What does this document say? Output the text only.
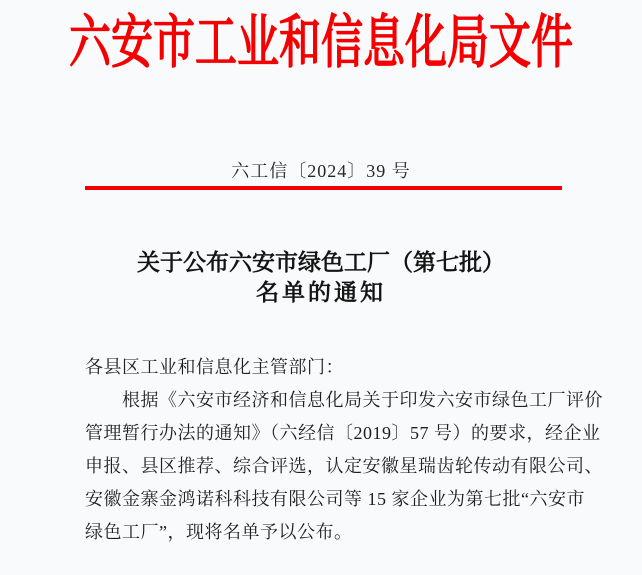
六安市工业和信息化局文件
六工信〔2024〕39 号
关于公布六安市绿色工厂（第七批）
名单的通知
各县区工业和信息化主管部门：
　　根据《六安市经济和信息化局关于印发六安市绿色工厂评价
管理暂行办法的通知》（六经信〔2019〕57 号）的要求，经企业
申报、县区推荐、综合评选，认定安徽星瑞齿轮传动有限公司、
安徽金寨金鸿诺科科技有限公司等 15 家企业为第七批“六安市
绿色工厂”，现将名单予以公布。
